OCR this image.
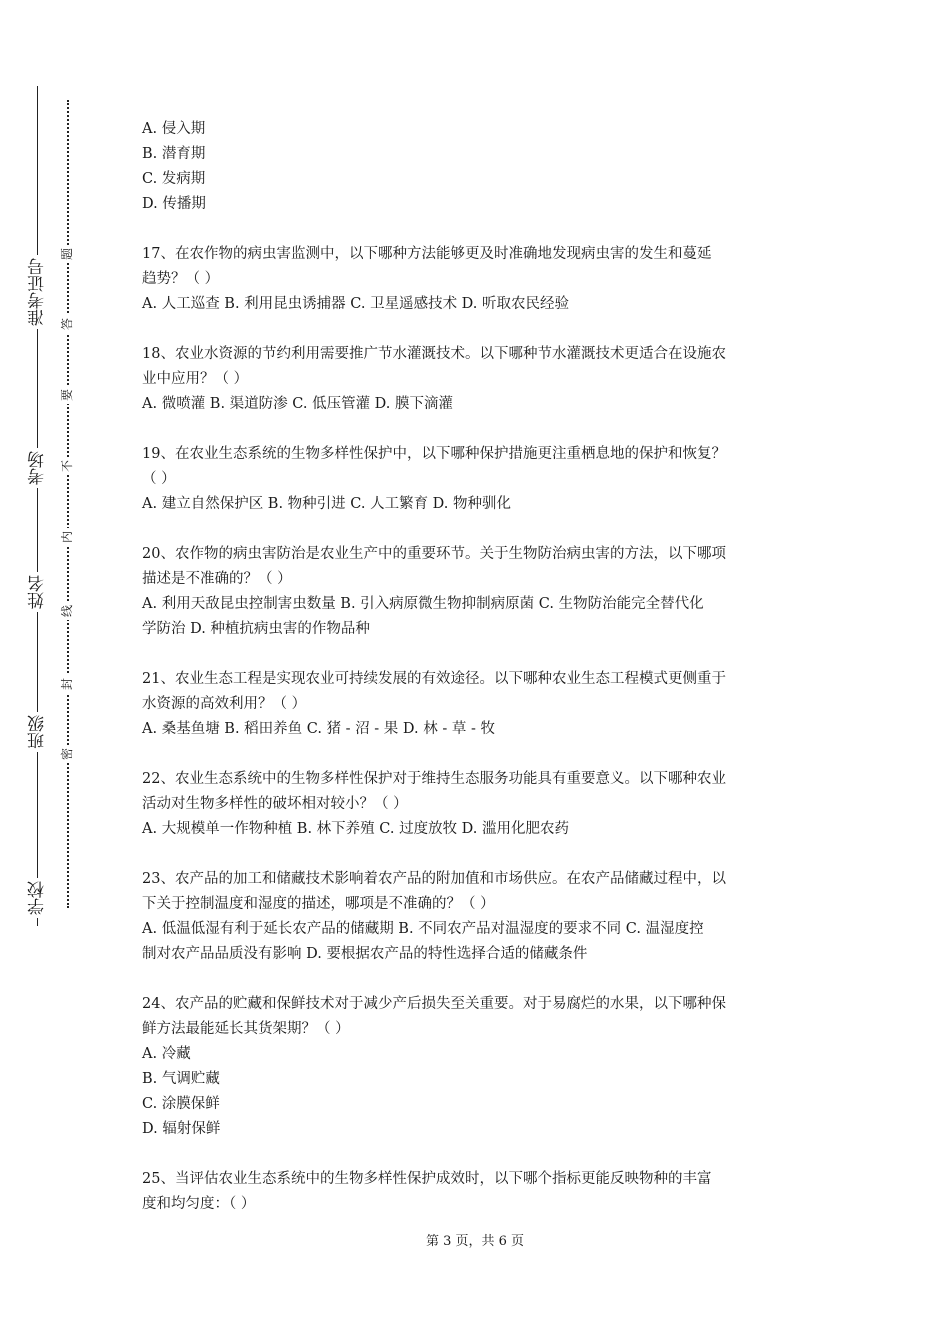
准考证号
考场
姓名
班级
学校
题
答
要
不
内
线
封
密

A. 侵入期

B. 潜育期

C. 发病期

D. 传播期

17、在农作物的病虫害监测中，以下哪种方法能够更及时准确地发现病虫害的发生和蔓延

趋势？（ ）

A. 人工巡查 B. 利用昆虫诱捕器 C. 卫星遥感技术 D. 听取农民经验

18、农业水资源的节约利用需要推广节水灌溉技术。以下哪种节水灌溉技术更适合在设施农

业中应用？（ ）

A. 微喷灌 B. 渠道防渗 C. 低压管灌 D. 膜下滴灌

19、在农业生态系统的生物多样性保护中，以下哪种保护措施更注重栖息地的保护和恢复？

（ ）

A. 建立自然保护区 B. 物种引进 C. 人工繁育 D. 物种驯化

20、农作物的病虫害防治是农业生产中的重要环节。关于生物防治病虫害的方法，以下哪项

描述是不准确的？（ ）

A. 利用天敌昆虫控制害虫数量 B. 引入病原微生物抑制病原菌 C. 生物防治能完全替代化

学防治 D. 种植抗病虫害的作物品种

21、农业生态工程是实现农业可持续发展的有效途径。以下哪种农业生态工程模式更侧重于

水资源的高效利用？（ ）

A. 桑基鱼塘 B. 稻田养鱼 C. 猪 - 沼 - 果 D. 林 - 草 - 牧

22、农业生态系统中的生物多样性保护对于维持生态服务功能具有重要意义。以下哪种农业

活动对生物多样性的破坏相对较小？（ ）

A. 大规模单一作物种植 B. 林下养殖 C. 过度放牧 D. 滥用化肥农药

23、农产品的加工和储藏技术影响着农产品的附加值和市场供应。在农产品储藏过程中，以

下关于控制温度和湿度的描述，哪项是不准确的？（ ）

A. 低温低湿有利于延长农产品的储藏期 B. 不同农产品对温湿度的要求不同 C. 温湿度控

制对农产品品质没有影响 D. 要根据农产品的特性选择合适的储藏条件

24、农产品的贮藏和保鲜技术对于减少产后损失至关重要。对于易腐烂的水果，以下哪种保

鲜方法最能延长其货架期？（ ）

A. 冷藏

B. 气调贮藏

C. 涂膜保鲜

D. 辐射保鲜

25、当评估农业生态系统中的生物多样性保护成效时，以下哪个指标更能反映物种的丰富

度和均匀度：（ ）

第 3 页，共 6 页
